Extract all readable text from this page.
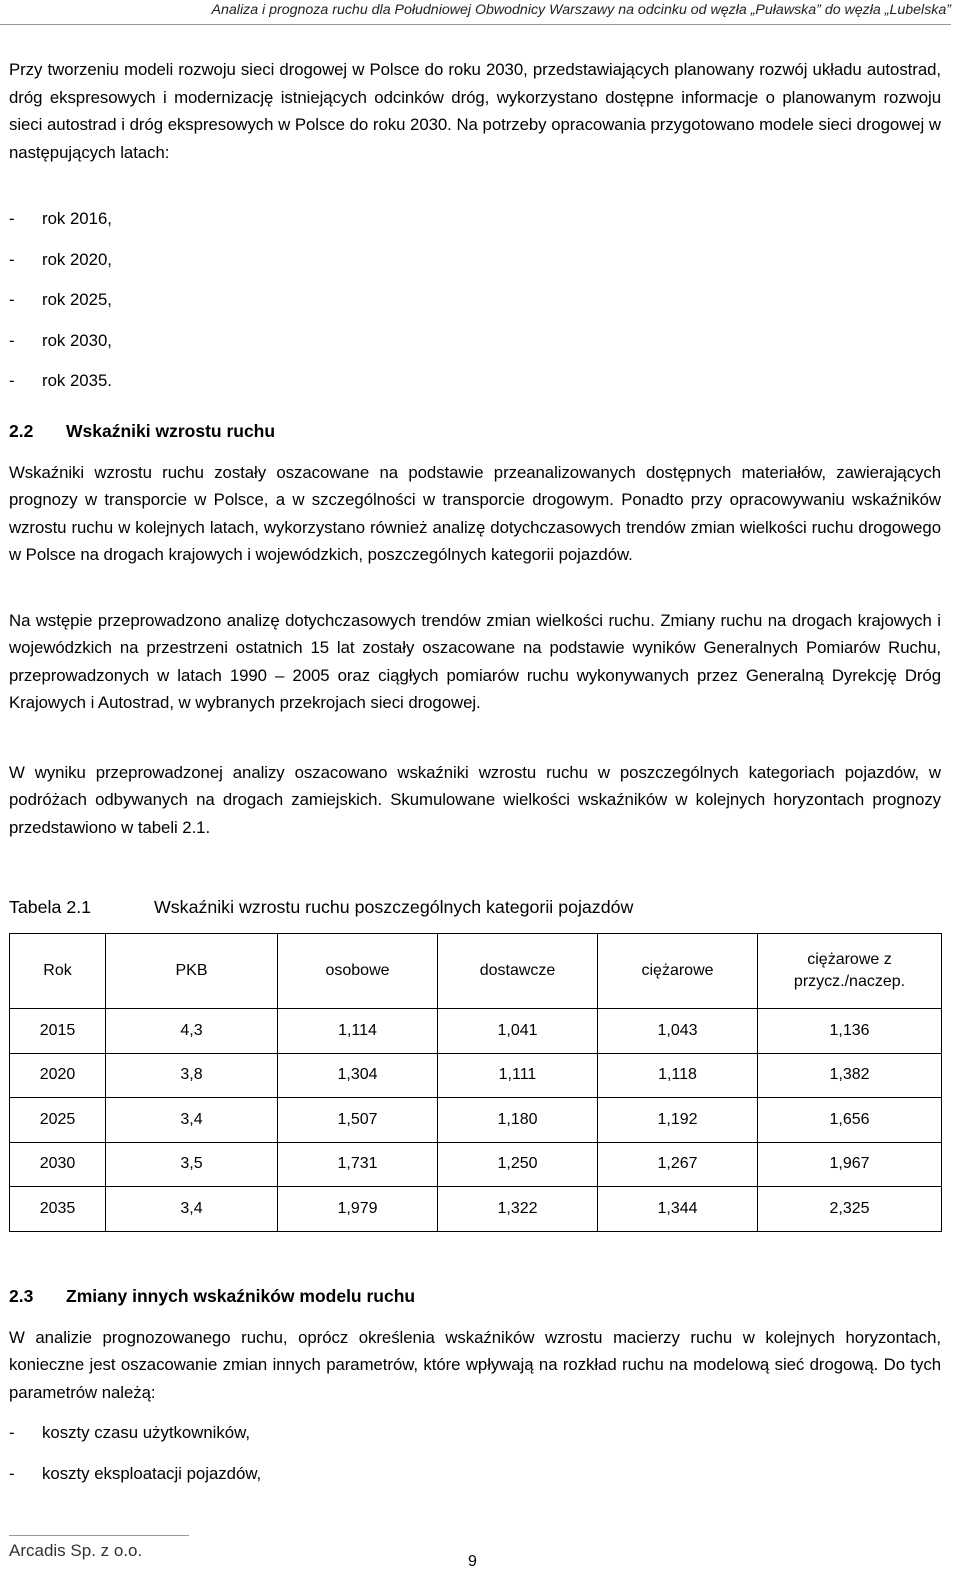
Analiza i prognoza ruchu dla Południowej Obwodnicy Warszawy na odcinku od węzła „Puławska” do węzła „Lubelska”
Przy tworzeniu modeli rozwoju sieci drogowej w Polsce do roku 2030, przedstawiających planowany rozwój układu autostrad, dróg ekspresowych i modernizację istniejących odcinków dróg, wykorzystano dostępne informacje o planowanym rozwoju sieci autostrad i dróg ekspresowych w Polsce do roku 2030. Na potrzeby opracowania przygotowano modele sieci drogowej w następujących latach:
- rok 2016,
- rok 2020,
- rok 2025,
- rok 2030,
- rok 2035.
2.2 Wskaźniki wzrostu ruchu
Wskaźniki wzrostu ruchu zostały oszacowane na podstawie przeanalizowanych dostępnych materiałów, zawierających prognozy w transporcie w Polsce, a w szczególności w transporcie drogowym. Ponadto przy opracowywaniu wskaźników wzrostu ruchu w kolejnych latach, wykorzystano również analizę dotychczasowych trendów zmian wielkości ruchu drogowego w Polsce na drogach krajowych i wojewódzkich, poszczególnych kategorii pojazdów.
Na wstępie przeprowadzono analizę dotychczasowych trendów zmian wielkości ruchu. Zmiany ruchu na drogach krajowych i wojewódzkich na przestrzeni ostatnich 15 lat zostały oszacowane na podstawie wyników Generalnych Pomiarów Ruchu, przeprowadzonych w latach 1990 – 2005 oraz ciągłych pomiarów ruchu wykonywanych przez Generalną Dyrekcję Dróg Krajowych i Autostrad, w wybranych przekrojach sieci drogowej.
W wyniku przeprowadzonej analizy oszacowano wskaźniki wzrostu ruchu w poszczególnych kategoriach pojazdów, w podróżach odbywanych na drogach zamiejskich. Skumulowane wielkości wskaźników w kolejnych horyzontach prognozy przedstawiono w tabeli 2.1.
Tabela 2.1	Wskaźniki wzrostu ruchu poszczególnych kategorii pojazdów
Rok	PKB	osobowe	dostawcze	ciężarowe	ciężarowe z przycz./naczep.
2015	4,3	1,114	1,041	1,043	1,136
2020	3,8	1,304	1,111	1,118	1,382
2025	3,4	1,507	1,180	1,192	1,656
2030	3,5	1,731	1,250	1,267	1,967
2035	3,4	1,979	1,322	1,344	2,325
2.3 Zmiany innych wskaźników modelu ruchu
W analizie prognozowanego ruchu, oprócz określenia wskaźników wzrostu macierzy ruchu w kolejnych horyzontach, konieczne jest oszacowanie zmian innych parametrów, które wpływają na rozkład ruchu na modelową sieć drogową. Do tych parametrów należą:
- koszty czasu użytkowników,
- koszty eksploatacji pojazdów,
Arcadis Sp. z o.o.
9
